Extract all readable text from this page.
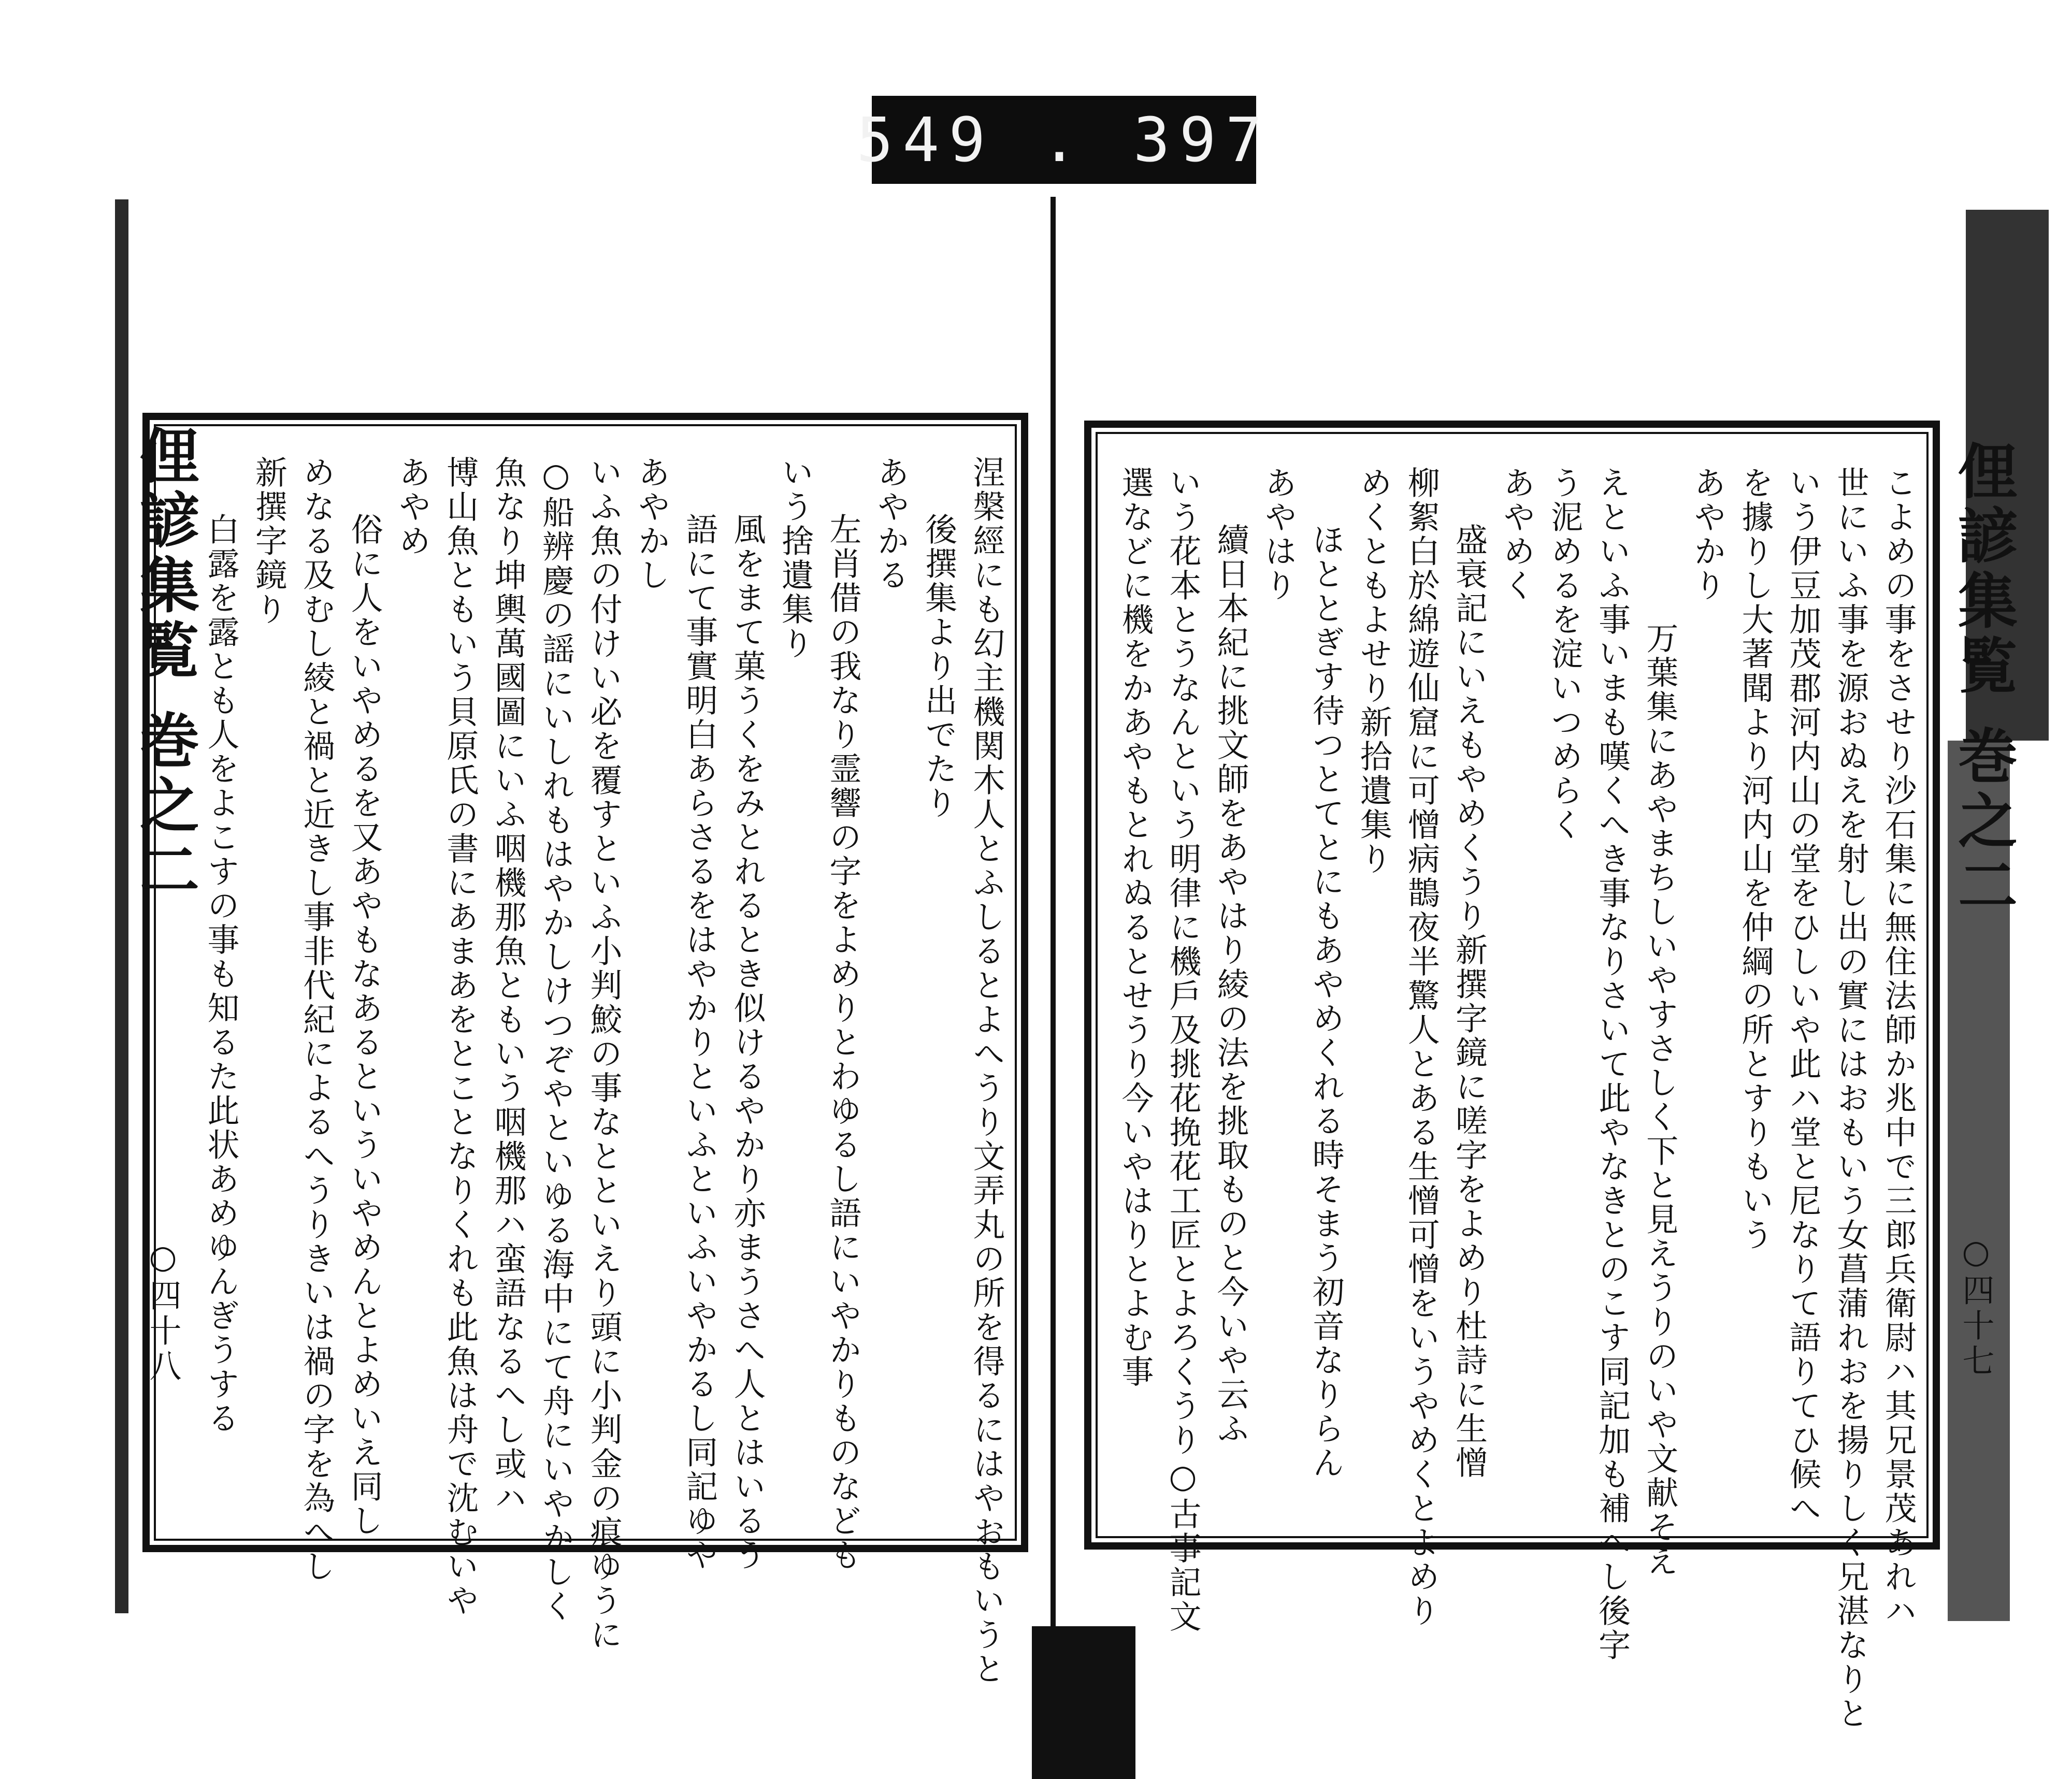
549 . 397
俚諺集覧 巻之二
○四十八	涅槃經にも幻主機関木人とふしるとよへうり文弄丸の所を得るにはやおもいうと
後撰集より出でたり
あやかる
左肖借の我なり霊響の字をよめりとわゆるし語にいやかりものなども
いう捨遺集り
風をまて菓うくをみとれるとき似けるやかり亦まうさへ人とはいるう
語にて事實明白あらさるをはやかりといふといふいやかるし同記ゆや
あやかし
いふ魚の付けい必を覆すといふ小判鮫の事なとといえり頭に小判金の痕ゆうに
○船辨慶の謡にいしれもはやかしけつぞやといゆる海中にて舟にいやかしく
魚なり坤輿萬國圖にいふ咽機那魚ともいう咽機那ハ蛮語なるへし或ハ
博山魚ともいう貝原氏の書にあまあをとことなりくれも此魚は舟で沈むいや
あやめ
俗に人をいやめるを又あやもなあるといういやめんとよめいえ同し
めなる及むし綾と禍と近きし事非代紀によるへうりきいは禍の字を為へし
新撰字鏡り
白露を露とも人をよこすの事も知るた此状あめゆんぎうする	俚諺集覧 巻之二
○四十七
こよめの事をさせり沙石集に無住法師か兆中で三郎兵衛尉ハ其兄景茂あれハ
世にいふ事を源おぬえを射し出の實にはおもいう女菖蒲れおを揚りしく兄湛なりと
いう伊豆加茂郡河内山の堂をひしいや此ハ堂と尼なりて語りてひ候へ
を據りし大著聞より河内山を仲綱の所とすりもいう
あやかり
万葉集にあやまちしいやすさしく下と見えうりのいや文献そえ
えといふ事いまも嘆くへき事なりさいて此やなきとのこす同記加も補へし後字
う泥めるを淀いつめらく
あやめく
盛衰記にいえもやめくうり新撰字鏡に嗟字をよめり杜詩に生憎
柳絮白於綿遊仙窟に可憎病鵲夜半驚人とある生憎可憎をいうやめくとよめり
めくともよせり新拾遺集り
ほととぎす待つとてとにもあやめくれる時そまう初音なりらん
あやはり
續日本紀に挑文師をあやはり綾の法を挑取ものと今いや云ふ
いう花本とうなんという明律に機戶及挑花挽花工匠とよろくうり○古事記文
選などに機をかあやもとれぬるとせうり今いやはりとよむ事
